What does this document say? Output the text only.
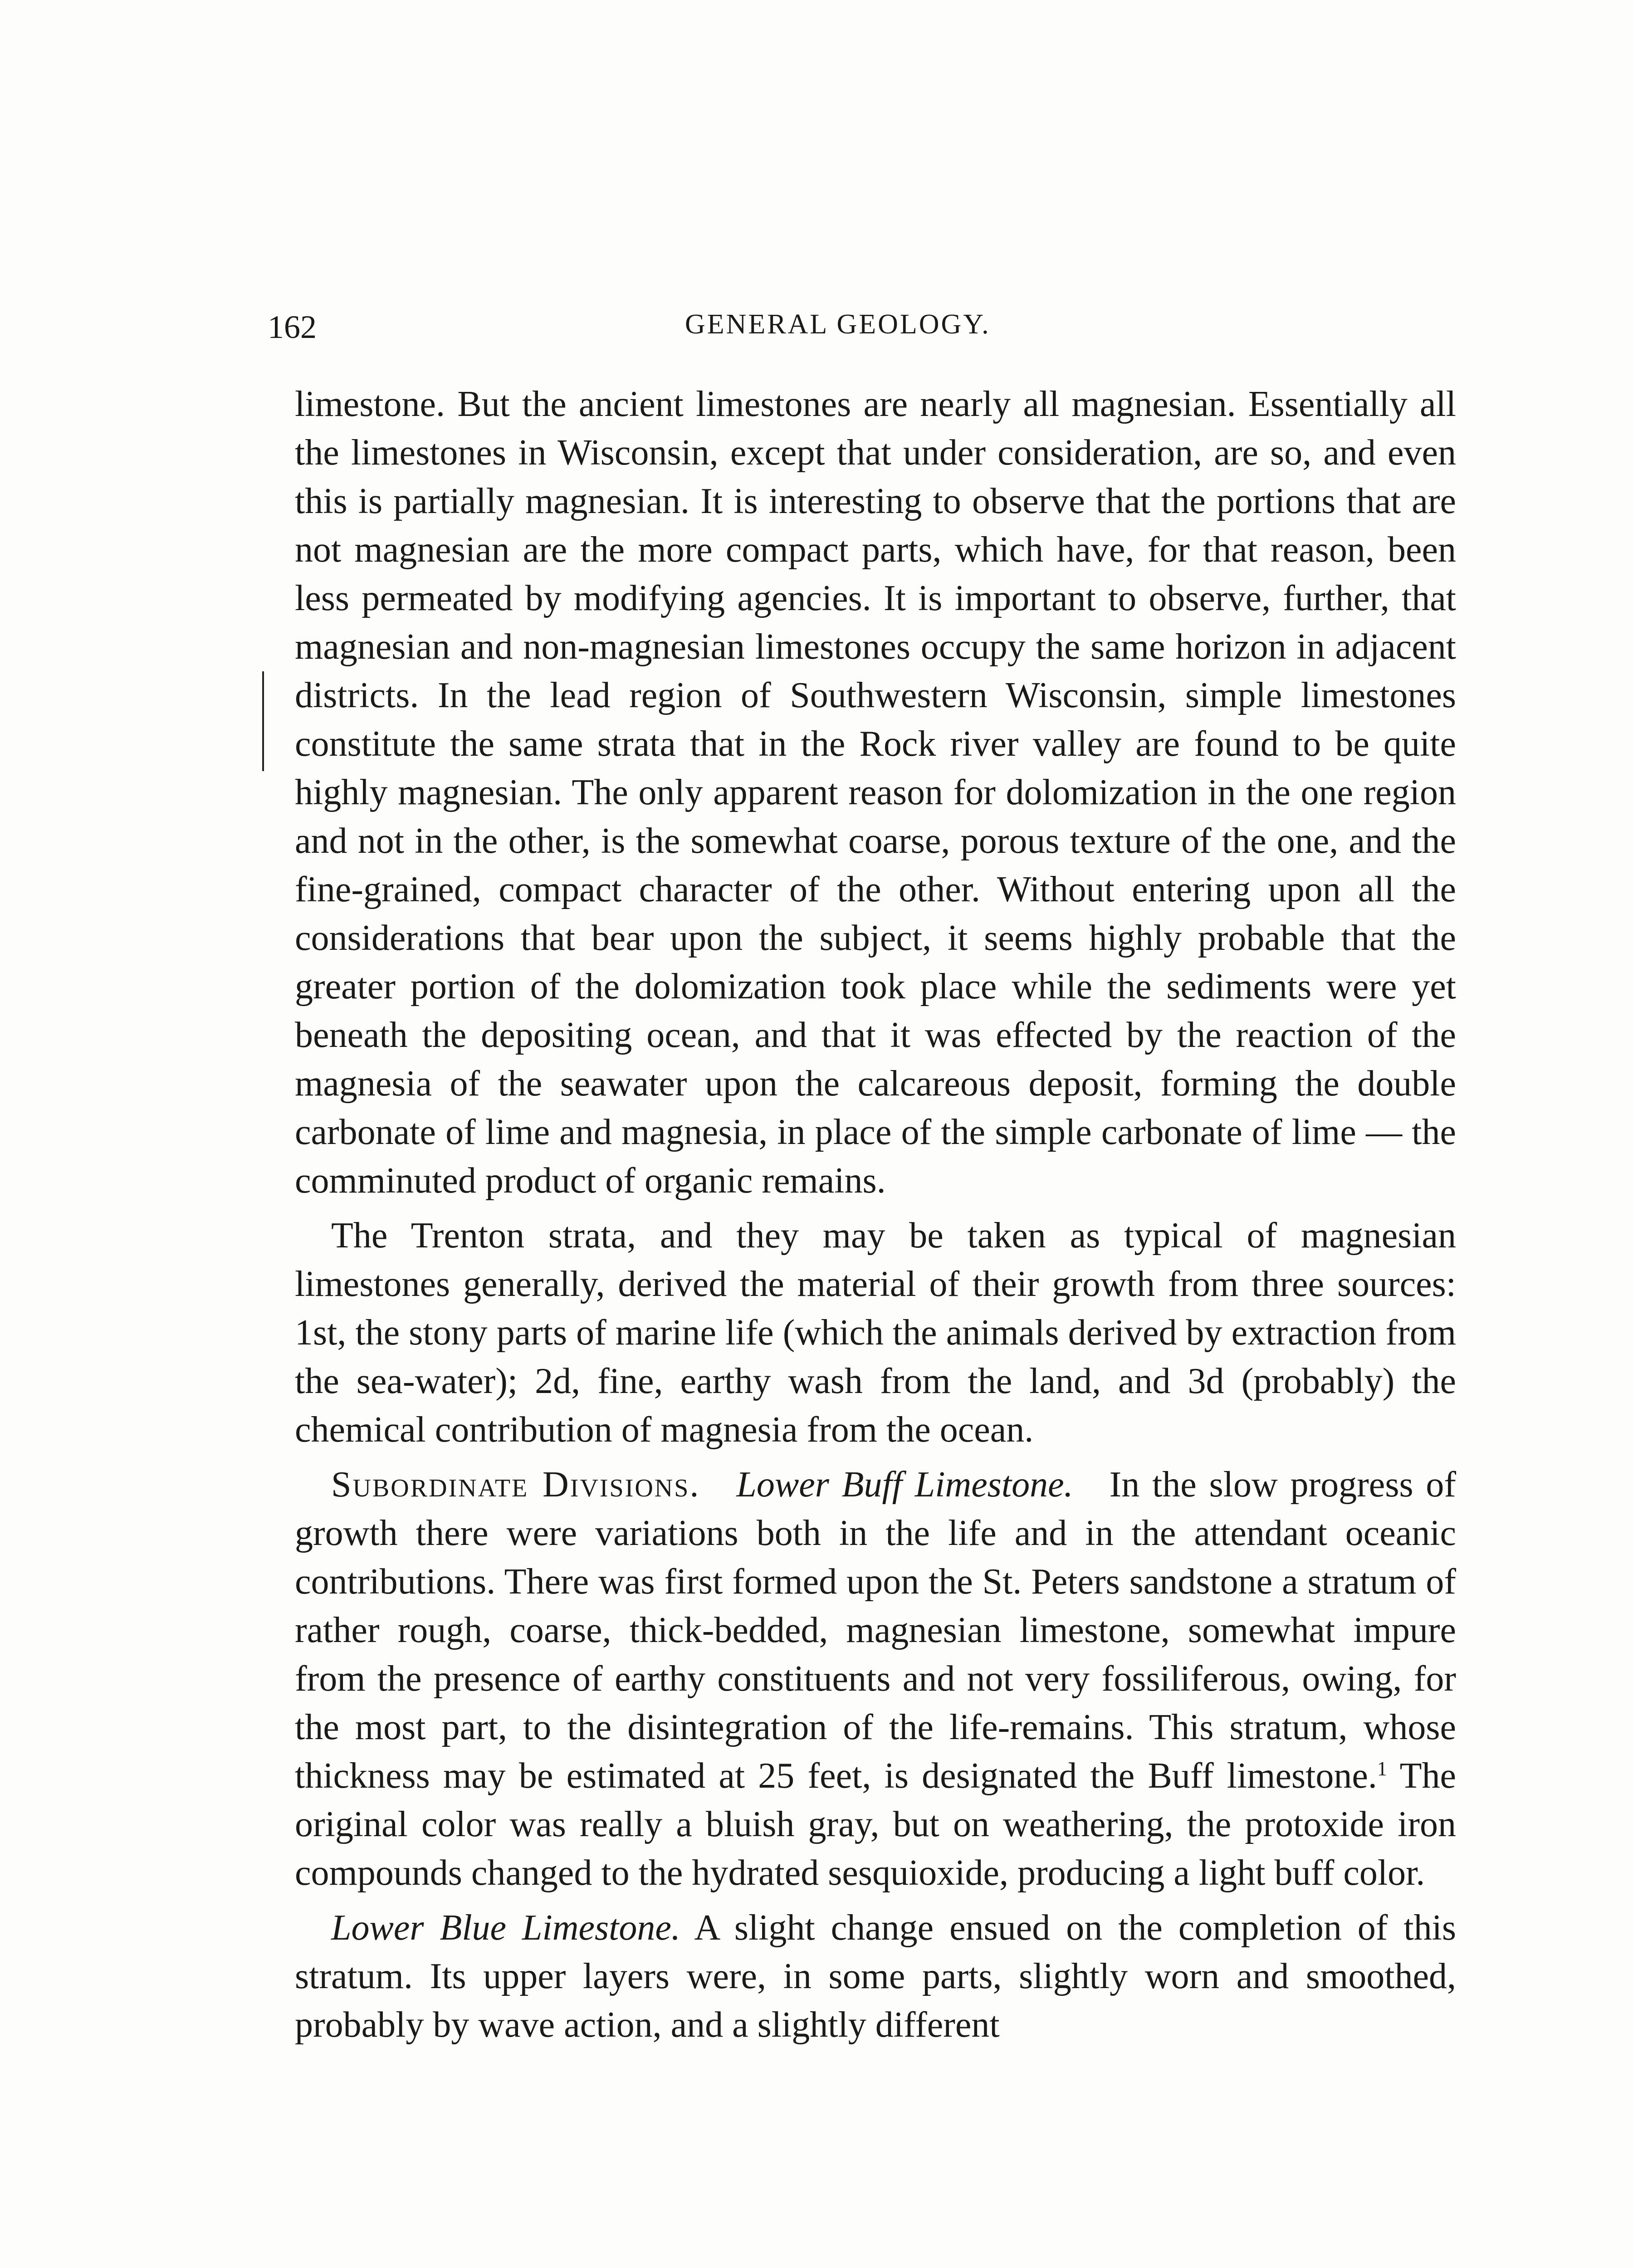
162	GENERAL GEOLOGY.

limestone. But the ancient limestones are nearly all magnesian. Essentially all the limestones in Wisconsin, except that under consideration, are so, and even this is partially magnesian. It is interesting to observe that the portions that are not magnesian are the more compact parts, which have, for that reason, been less permeated by modifying agencies. It is important to observe, further, that magnesian and non-magnesian limestones occupy the same horizon in adjacent districts. In the lead region of Southwestern Wisconsin, simple limestones constitute the same strata that in the Rock river valley are found to be quite highly magnesian. The only apparent reason for dolomization in the one region and not in the other, is the somewhat coarse, porous texture of the one, and the fine-grained, compact character of the other. Without entering upon all the considerations that bear upon the subject, it seems highly probable that the greater portion of the dolomization took place while the sediments were yet beneath the depositing ocean, and that it was effected by the reaction of the magnesia of the seawater upon the calcareous deposit, forming the double carbonate of lime and magnesia, in place of the simple carbonate of lime — the comminuted product of organic remains.

The Trenton strata, and they may be taken as typical of magnesian limestones generally, derived the material of their growth from three sources: 1st, the stony parts of marine life (which the animals derived by extraction from the sea-water); 2d, fine, earthy wash from the land, and 3d (probably) the chemical contribution of magnesia from the ocean.

Subordinate Divisions.  Lower Buff Limestone.  In the slow progress of growth there were variations both in the life and in the attendant oceanic contributions. There was first formed upon the St. Peters sandstone a stratum of rather rough, coarse, thick-bedded, magnesian limestone, somewhat impure from the presence of earthy constituents and not very fossiliferous, owing, for the most part, to the disintegration of the life-remains. This stratum, whose thickness may be estimated at 25 feet, is designated the Buff limestone.$^1$ The original color was really a bluish gray, but on weathering, the protoxide iron compounds changed to the hydrated sesquioxide, producing a light buff color.

Lower Blue Limestone. A slight change ensued on the completion of this stratum. Its upper layers were, in some parts, slightly worn and smoothed, probably by wave action, and a slightly different
